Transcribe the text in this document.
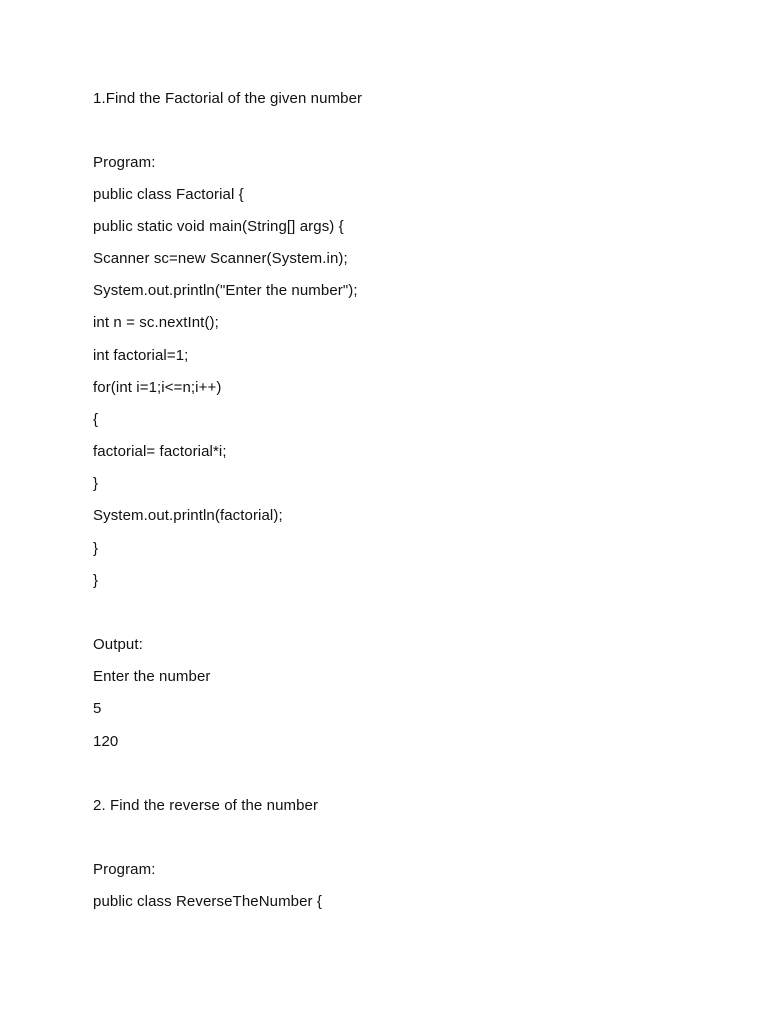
1.Find the Factorial of the given number

Program:

public class Factorial {

public static void main(String[] args) {

Scanner sc=new Scanner(System.in);

System.out.println("Enter the number");

int n = sc.nextInt();

int factorial=1;

for(int i=1;i<=n;i++)

{

factorial= factorial*i;

}

System.out.println(factorial);

}

}

Output:

Enter the number

5

120

2. Find the reverse of the number

Program:

public class ReverseTheNumber {
